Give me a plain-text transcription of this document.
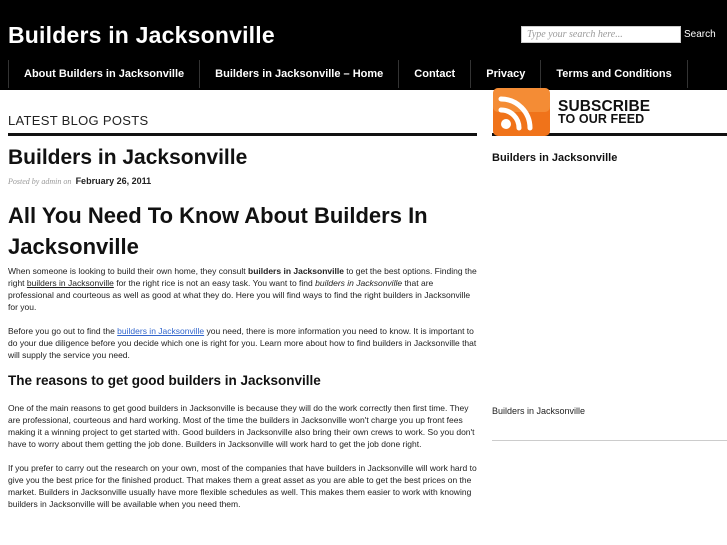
Builders in Jacksonville
Type your search here...	Search
About Builders in Jacksonville	Builders in Jacksonville – Home	Contact	Privacy	Terms and Conditions
LATEST BLOG POSTS
Builders in Jacksonville
Posted by admin on February 26, 2011
All You Need To Know About Builders In Jacksonville

When someone is looking to build their own home, they consult builders in Jacksonville to get the best options. Finding the right builders in Jacksonville for the right rice is not an easy task. You want to find builders in Jacksonville that are professional and courteous as well as good at what they do. Here you will find ways to find the right builders in Jacksonville for you.

Before you go out to find the builders in Jacksonville you need, there is more information you need to know. It is important to do your due diligence before you decide which one is right for you. Learn more about how to find builders in Jacksonville that will supply the service you need.

The reasons to get good builders in Jacksonville

One of the main reasons to get good builders in Jacksonville is because they will do the work correctly then first time. They are professional, courteous and hard working. Most of the time the builders in Jacksonville won't charge you up front fees making it a winning project to get started with. Good builders in Jacksonville also bring their own crews to work. So you don't have to worry about them getting the job done. Builders in Jacksonville will work hard to get the job done right.

If you prefer to carry out the research on your own, most of the companies that have builders in Jacksonville will work hard to give you the best price for the finished product. That makes them a great asset as you are able to get the best prices on the market. Builders in Jacksonville usually have more flexible schedules as well. This makes them easier to work with knowing builders in Jacksonville will be available when you need them.

SUBSCRIBE
TO OUR FEED
Builders in Jacksonville
Builders in Jacksonville
